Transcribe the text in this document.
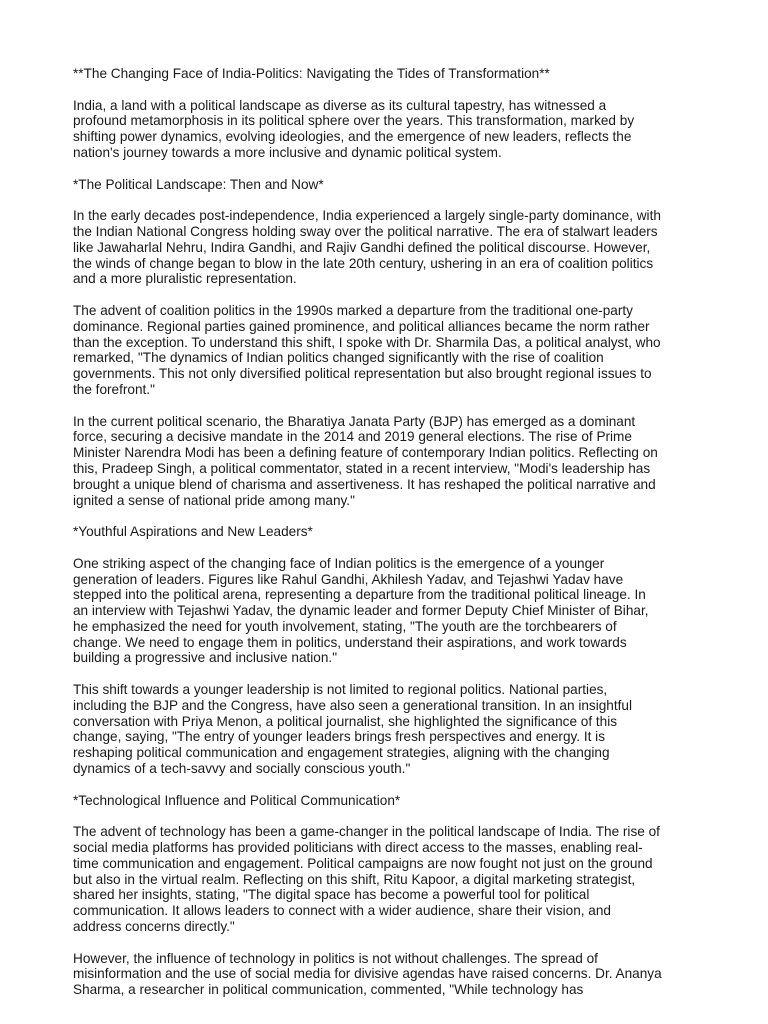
**The Changing Face of India-Politics: Navigating the Tides of Transformation**

India, a land with a political landscape as diverse as its cultural tapestry, has witnessed a
profound metamorphosis in its political sphere over the years. This transformation, marked by
shifting power dynamics, evolving ideologies, and the emergence of new leaders, reflects the
nation's journey towards a more inclusive and dynamic political system.

*The Political Landscape: Then and Now*

In the early decades post-independence, India experienced a largely single-party dominance, with
the Indian National Congress holding sway over the political narrative. The era of stalwart leaders
like Jawaharlal Nehru, Indira Gandhi, and Rajiv Gandhi defined the political discourse. However,
the winds of change began to blow in the late 20th century, ushering in an era of coalition politics
and a more pluralistic representation.

The advent of coalition politics in the 1990s marked a departure from the traditional one-party
dominance. Regional parties gained prominence, and political alliances became the norm rather
than the exception. To understand this shift, I spoke with Dr. Sharmila Das, a political analyst, who
remarked, "The dynamics of Indian politics changed significantly with the rise of coalition
governments. This not only diversified political representation but also brought regional issues to
the forefront."

In the current political scenario, the Bharatiya Janata Party (BJP) has emerged as a dominant
force, securing a decisive mandate in the 2014 and 2019 general elections. The rise of Prime
Minister Narendra Modi has been a defining feature of contemporary Indian politics. Reflecting on
this, Pradeep Singh, a political commentator, stated in a recent interview, "Modi's leadership has
brought a unique blend of charisma and assertiveness. It has reshaped the political narrative and
ignited a sense of national pride among many."

*Youthful Aspirations and New Leaders*

One striking aspect of the changing face of Indian politics is the emergence of a younger
generation of leaders. Figures like Rahul Gandhi, Akhilesh Yadav, and Tejashwi Yadav have
stepped into the political arena, representing a departure from the traditional political lineage. In
an interview with Tejashwi Yadav, the dynamic leader and former Deputy Chief Minister of Bihar,
he emphasized the need for youth involvement, stating, "The youth are the torchbearers of
change. We need to engage them in politics, understand their aspirations, and work towards
building a progressive and inclusive nation."

This shift towards a younger leadership is not limited to regional politics. National parties,
including the BJP and the Congress, have also seen a generational transition. In an insightful
conversation with Priya Menon, a political journalist, she highlighted the significance of this
change, saying, "The entry of younger leaders brings fresh perspectives and energy. It is
reshaping political communication and engagement strategies, aligning with the changing
dynamics of a tech-savvy and socially conscious youth."

*Technological Influence and Political Communication*

The advent of technology has been a game-changer in the political landscape of India. The rise of
social media platforms has provided politicians with direct access to the masses, enabling real-
time communication and engagement. Political campaigns are now fought not just on the ground
but also in the virtual realm. Reflecting on this shift, Ritu Kapoor, a digital marketing strategist,
shared her insights, stating, "The digital space has become a powerful tool for political
communication. It allows leaders to connect with a wider audience, share their vision, and
address concerns directly."

However, the influence of technology in politics is not without challenges. The spread of
misinformation and the use of social media for divisive agendas have raised concerns. Dr. Ananya
Sharma, a researcher in political communication, commented, "While technology has
